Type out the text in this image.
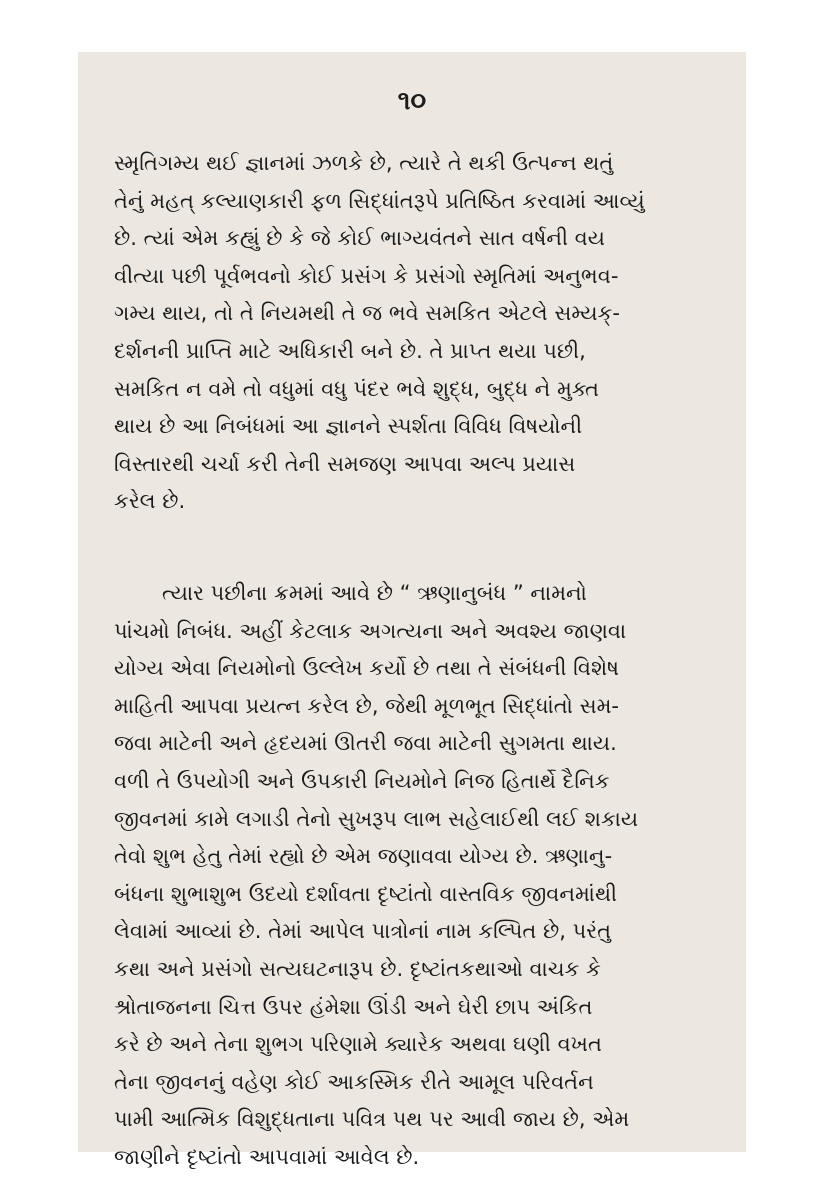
૧૦
સ્મૃતિગમ્ય થઈ જ્ઞાનમાં ઝળકે છે, ત્યારે તે થકી ઉત્પન્ન થતું
તેનું મહત્ કલ્યાણકારી ફળ સિદ્ધાંતરૂપે પ્રતિષ્ઠિત કરવામાં આવ્યું
છે. ત્યાં એમ કહ્યું છે કે જે કોઈ ભાગ્યવંતને સાત વર્ષની વય
વીત્યા પછી પૂર્વભવનો કોઈ પ્રસંગ કે પ્રસંગો સ્મૃતિમાં અનુભવ-
ગમ્ય થાય, તો તે નિયમથી તે જ ભવે સમકિત એટલે સમ્યક્-
દર્શનની પ્રાપ્તિ માટે અધિકારી બને છે. તે પ્રાપ્ત થયા પછી,
સમકિત ન વમે તો વધુમાં વધુ પંદર ભવે શુદ્ધ, બુદ્ધ ને મુક્ત
થાય છે આ નિબંધમાં આ જ્ઞાનને સ્પર્શતા વિવિધ વિષયોની
વિસ્તારથી ચર્ચા કરી તેની સમજણ આપવા અલ્પ પ્રયાસ
કરેલ છે.
ત્યાર પછીના ક્રમમાં આવે છે “ ઋણાનુબંધ ” નામનો
પાંચમો નિબંધ. અહીં કેટલાક અગત્યના અને અવશ્ય જાણવા
યોગ્ય એવા નિયમોનો ઉલ્લેખ કર્યો છે તથા તે સંબંધની વિશેષ
માહિતી આપવા પ્રયત્ન કરેલ છે, જેથી મૂળભૂત સિદ્ધાંતો સમ-
જવા માટેની અને હૃદયમાં ઊતરી જવા માટેની સુગમતા થાય.
વળી તે ઉપયોગી અને ઉપકારી નિયમોને નિજ હિતાર્થે દૈનિક
જીવનમાં કામે લગાડી તેનો સુખરૂપ લાભ સહેલાઈથી લઈ શકાય
તેવો શુભ હેતુ તેમાં રહ્યો છે એમ જણાવવા યોગ્ય છે. ઋણાનુ-
બંધના શુભાશુભ ઉદયો દર્શાવતા દૃષ્ટાંતો વાસ્તવિક જીવનમાંથી
લેવામાં આવ્યાં છે. તેમાં આપેલ પાત્રોનાં નામ કલ્પિત છે, પરંતુ
કથા અને પ્રસંગો સત્યઘટનારૂપ છે. દૃષ્ટાંતકથાઓ વાચક કે
શ્રોતાજનના ચિત્ત ઉપર હંમેશા ઊંડી અને ઘેરી છાપ અંકિત
કરે છે અને તેના શુભગ પરિણામે ક્યારેક અથવા ઘણી વખત
તેના જીવનનું વહેણ કોઈ આકસ્મિક રીતે આમૂલ પરિવર્તન
પામી આત્મિક વિશુદ્ધતાના પવિત્ર પથ પર આવી જાય છે, એમ
જાણીને દૃષ્ટાંતો આપવામાં આવેલ છે.
